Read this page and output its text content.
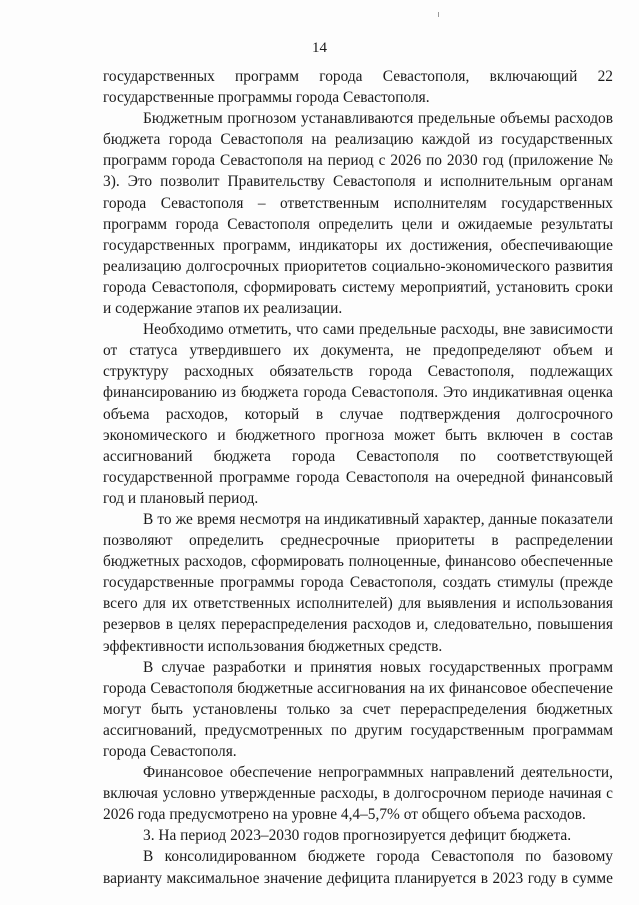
14

государственных программ города Севастополя, включающий 22 государственные программы города Севастополя.

Бюджетным прогнозом устанавливаются предельные объемы расходов бюджета города Севастополя на реализацию каждой из государственных программ города Севастополя на период с 2026 по 2030 год (приложение № 3). Это позволит Правительству Севастополя и исполнительным органам города Севастополя – ответственным исполнителям государственных программ города Севастополя определить цели и ожидаемые результаты государственных программ, индикаторы их достижения, обеспечивающие реализацию долгосрочных приоритетов социально-экономического развития города Севастополя, сформировать систему мероприятий, установить сроки и содержание этапов их реализации.

Необходимо отметить, что сами предельные расходы, вне зависимости от статуса утвердившего их документа, не предопределяют объем и структуру расходных обязательств города Севастополя, подлежащих финансированию из бюджета города Севастополя. Это индикативная оценка объема расходов, который в случае подтверждения долгосрочного экономического и бюджетного прогноза может быть включен в состав ассигнований бюджета города Севастополя по соответствующей государственной программе города Севастополя на очередной финансовый год и плановый период.

В то же время несмотря на индикативный характер, данные показатели позволяют определить среднесрочные приоритеты в распределении бюджетных расходов, сформировать полноценные, финансово обеспеченные государственные программы города Севастополя, создать стимулы (прежде всего для их ответственных исполнителей) для выявления и использования резервов в целях перераспределения расходов и, следовательно, повышения эффективности использования бюджетных средств.

В случае разработки и принятия новых государственных программ города Севастополя бюджетные ассигнования на их финансовое обеспечение могут быть установлены только за счет перераспределения бюджетных ассигнований, предусмотренных по другим государственным программам города Севастополя.

Финансовое обеспечение непрограммных направлений деятельности, включая условно утвержденные расходы, в долгосрочном периоде начиная с 2026 года предусмотрено на уровне 4,4–5,7% от общего объема расходов.

3. На период 2023–2030 годов прогнозируется дефицит бюджета.

В консолидированном бюджете города Севастополя по базовому варианту максимальное значение дефицита планируется в 2023 году в сумме
